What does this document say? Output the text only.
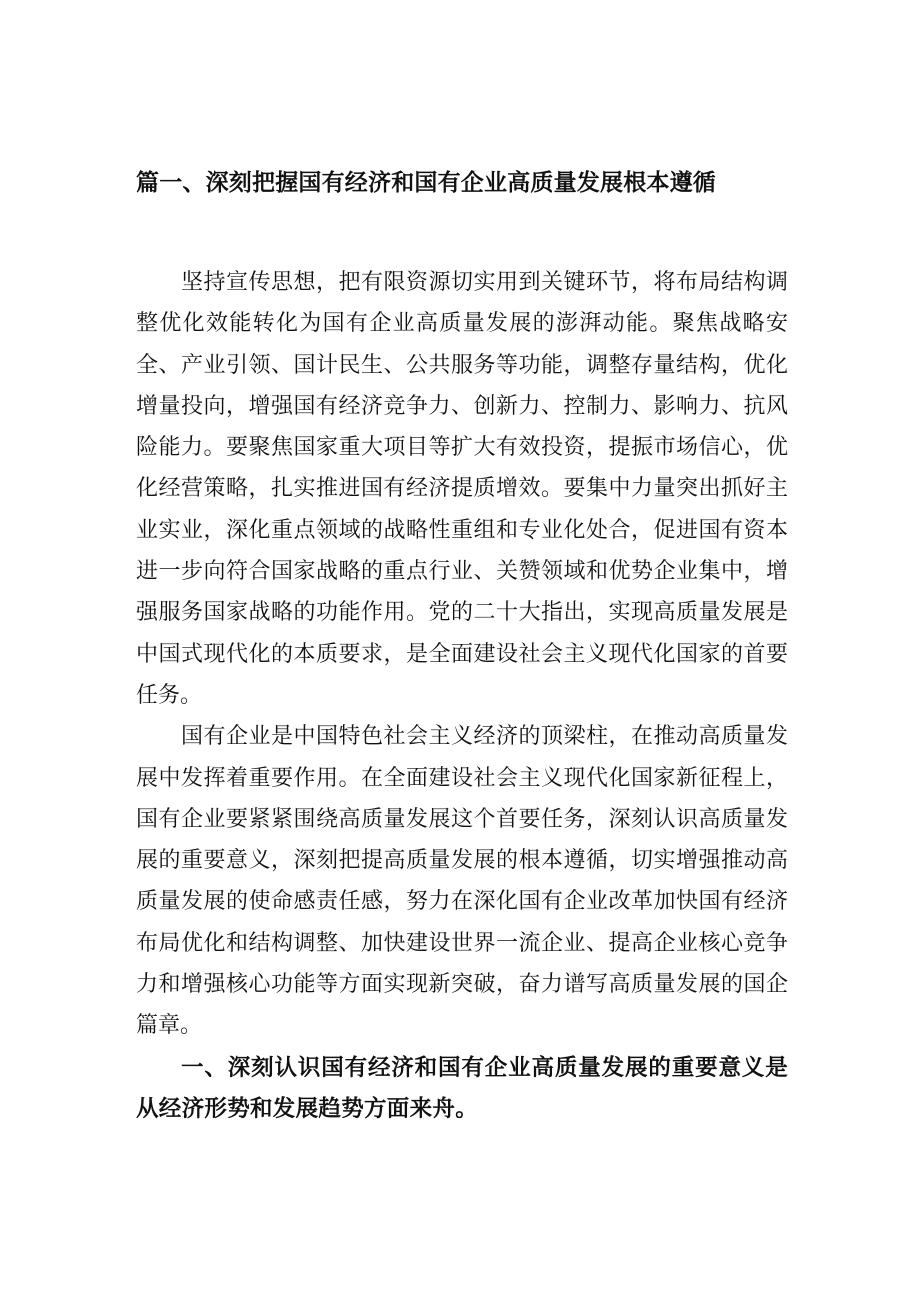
篇一、深刻把握国有经济和国有企业高质量发展根本遵循

坚持宣传思想，把有限资源切实用到关键环节，将布局结构调整优化效能转化为国有企业高质量发展的澎湃动能。聚焦战略安全、产业引领、国计民生、公共服务等功能，调整存量结构，优化增量投向，增强国有经济竞争力、创新力、控制力、影响力、抗风险能力。要聚焦国家重大项目等扩大有效投资，提振市场信心，优化经营策略，扎实推进国有经济提质增效。要集中力量突出抓好主业实业，深化重点领域的战略性重组和专业化处合，促进国有资本进一步向符合国家战略的重点行业、关赞领域和优势企业集中，增强服务国家战略的功能作用。党的二十大指出，实现高质量发展是中国式现代化的本质要求，是全面建设社会主义现代化国家的首要任务。

国有企业是中国特色社会主义经济的顶梁柱，在推动高质量发展中发挥着重要作用。在全面建设社会主义现代化国家新征程上，国有企业要紧紧围绕高质量发展这个首要任务，深刻认识高质量发展的重要意义，深刻把提高质量发展的根本遵循，切实增强推动高质量发展的使命感责任感，努力在深化国有企业改革加快国有经济布局优化和结构调整、加快建设世界一流企业、提高企业核心竞争力和增强核心功能等方面实现新突破，奋力谱写高质量发展的国企篇章。

一、深刻认识国有经济和国有企业高质量发展的重要意义是从经济形势和发展趋势方面来舟。
